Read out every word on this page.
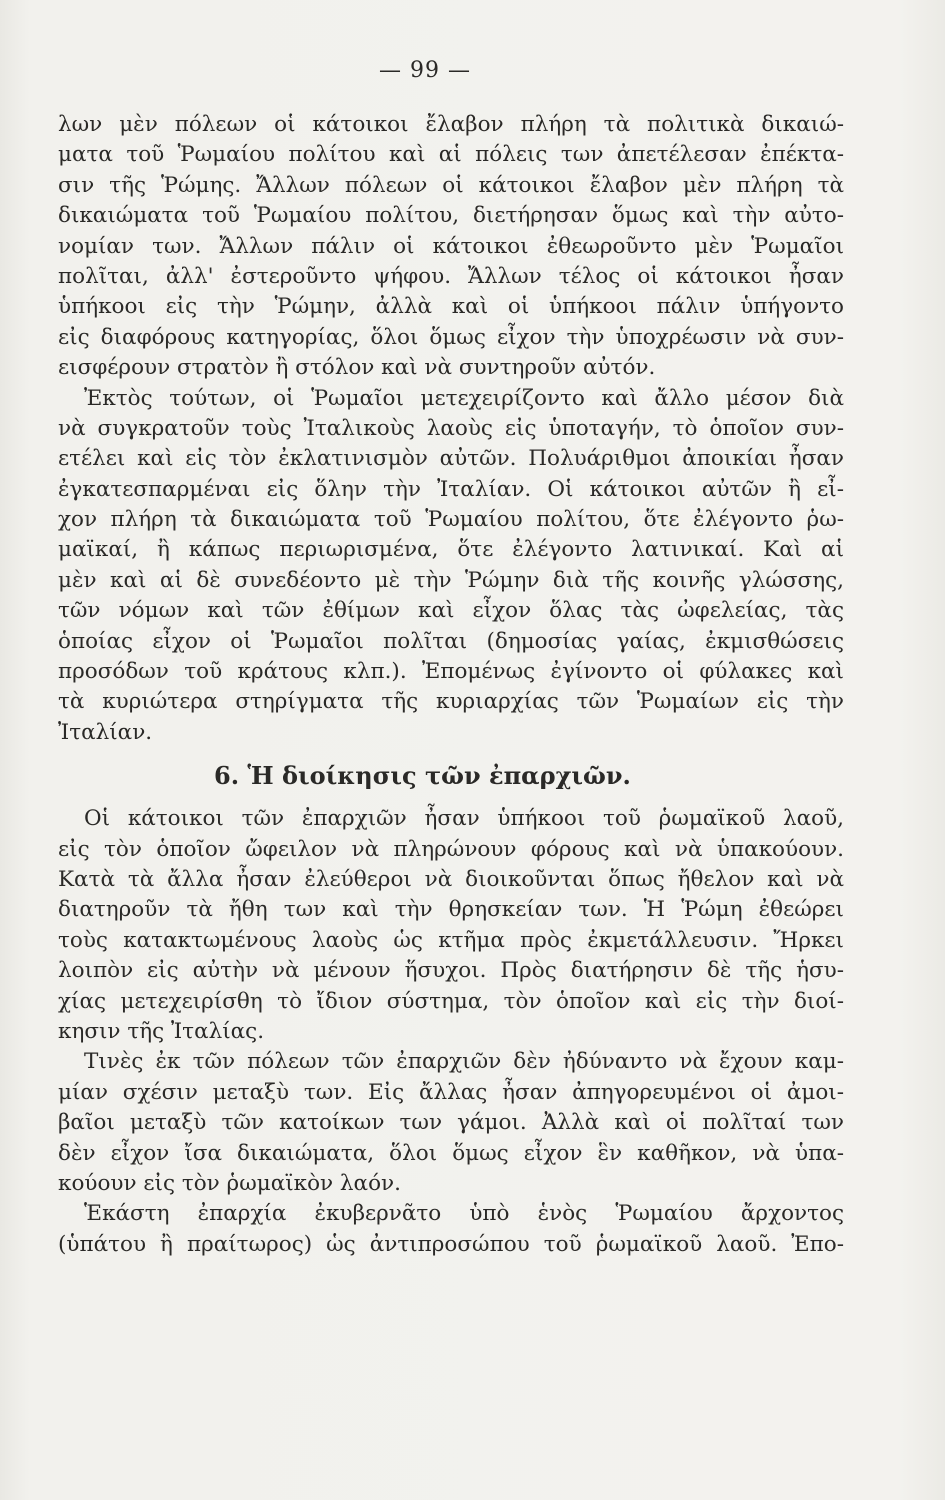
— 99 —
λων μὲν πόλεων οἱ κάτοικοι ἔλαβον πλήρη τὰ πολιτικὰ δικαιώ-
ματα τοῦ Ῥωμαίου πολίτου καὶ αἱ πόλεις των ἀπετέλεσαν ἐπέκτα-
σιν τῆς Ῥώμης. Ἄλλων πόλεων οἱ κάτοικοι ἔλαβον μὲν πλήρη τὰ
δικαιώματα τοῦ Ῥωμαίου πολίτου, διετήρησαν ὅμως καὶ τὴν αὐτο-
νομίαν των. Ἄλλων πάλιν οἱ κάτοικοι ἐθεωροῦντο μὲν Ῥωμαῖοι
πολῖται, ἀλλ' ἐστεροῦντο ψήφου. Ἄλλων τέλος οἱ κάτοικοι ἦσαν
ὑπήκοοι εἰς τὴν Ῥώμην, ἀλλὰ καὶ οἱ ὑπήκοοι πάλιν ὑπήγοντο
εἰς διαφόρους κατηγορίας, ὅλοι ὅμως εἶχον τὴν ὑποχρέωσιν νὰ συν-
εισφέρουν στρατὸν ἢ στόλον καὶ νὰ συντηροῦν αὐτόν.
Ἐκτὸς τούτων, οἱ Ῥωμαῖοι μετεχειρίζοντο καὶ ἄλλο μέσον διὰ
νὰ συγκρατοῦν τοὺς Ἰταλικοὺς λαοὺς εἰς ὑποταγήν, τὸ ὁποῖον συν-
ετέλει καὶ εἰς τὸν ἐκλατινισμὸν αὐτῶν. Πολυάριθμοι ἀποικίαι ἦσαν
ἐγκατεσπαρμέναι εἰς ὅλην τὴν Ἰταλίαν. Οἱ κάτοικοι αὐτῶν ἢ εἶ-
χον πλήρη τὰ δικαιώματα τοῦ Ῥωμαίου πολίτου, ὅτε ἐλέγοντο ῥω-
μαϊκαί, ἢ κάπως περιωρισμένα, ὅτε ἐλέγοντο λατινικαί. Καὶ αἱ
μὲν καὶ αἱ δὲ συνεδέοντο μὲ τὴν Ῥώμην διὰ τῆς κοινῆς γλώσσης,
τῶν νόμων καὶ τῶν ἐθίμων καὶ εἶχον ὅλας τὰς ὠφελείας, τὰς
ὁποίας εἶχον οἱ Ῥωμαῖοι πολῖται (δημοσίας γαίας, ἐκμισθώσεις
προσόδων τοῦ κράτους κλπ.). Ἐπομένως ἐγίνοντο οἱ φύλακες καὶ
τὰ κυριώτερα στηρίγματα τῆς κυριαρχίας τῶν Ῥωμαίων εἰς τὴν
Ἰταλίαν.
6. Ἡ διοίκησις τῶν ἐπαρχιῶν.
Οἱ κάτοικοι τῶν ἐπαρχιῶν ἦσαν ὑπήκοοι τοῦ ῥωμαϊκοῦ λαοῦ,
εἰς τὸν ὁποῖον ὤφειλον νὰ πληρώνουν φόρους καὶ νὰ ὑπακούουν.
Κατὰ τὰ ἄλλα ἦσαν ἐλεύθεροι νὰ διοικοῦνται ὅπως ἤθελον καὶ νὰ
διατηροῦν τὰ ἤθη των καὶ τὴν θρησκείαν των. Ἡ Ῥώμη ἐθεώρει
τοὺς κατακτωμένους λαοὺς ὡς κτῆμα πρὸς ἐκμετάλλευσιν. Ἤρκει
λοιπὸν εἰς αὐτὴν νὰ μένουν ἥσυχοι. Πρὸς διατήρησιν δὲ τῆς ἡσυ-
χίας μετεχειρίσθη τὸ ἴδιον σύστημα, τὸν ὁποῖον καὶ εἰς τὴν διοί-
κησιν τῆς Ἰταλίας.
Τινὲς ἐκ τῶν πόλεων τῶν ἐπαρχιῶν δὲν ἠδύναντο νὰ ἔχουν καμ-
μίαν σχέσιν μεταξὺ των. Εἰς ἄλλας ἦσαν ἀπηγορευμένοι οἱ ἀμοι-
βαῖοι μεταξὺ τῶν κατοίκων των γάμοι. Ἀλλὰ καὶ οἱ πολῖταί των
δὲν εἶχον ἴσα δικαιώματα, ὅλοι ὅμως εἶχον ἓν καθῆκον, νὰ ὑπα-
κούουν εἰς τὸν ῥωμαϊκὸν λαόν.
Ἑκάστη ἐπαρχία ἐκυβερνᾶτο ὑπὸ ἑνὸς Ῥωμαίου ἄρχοντος
(ὑπάτου ἢ πραίτωρος) ὡς ἀντιπροσώπου τοῦ ῥωμαϊκοῦ λαοῦ. Ἐπο-
